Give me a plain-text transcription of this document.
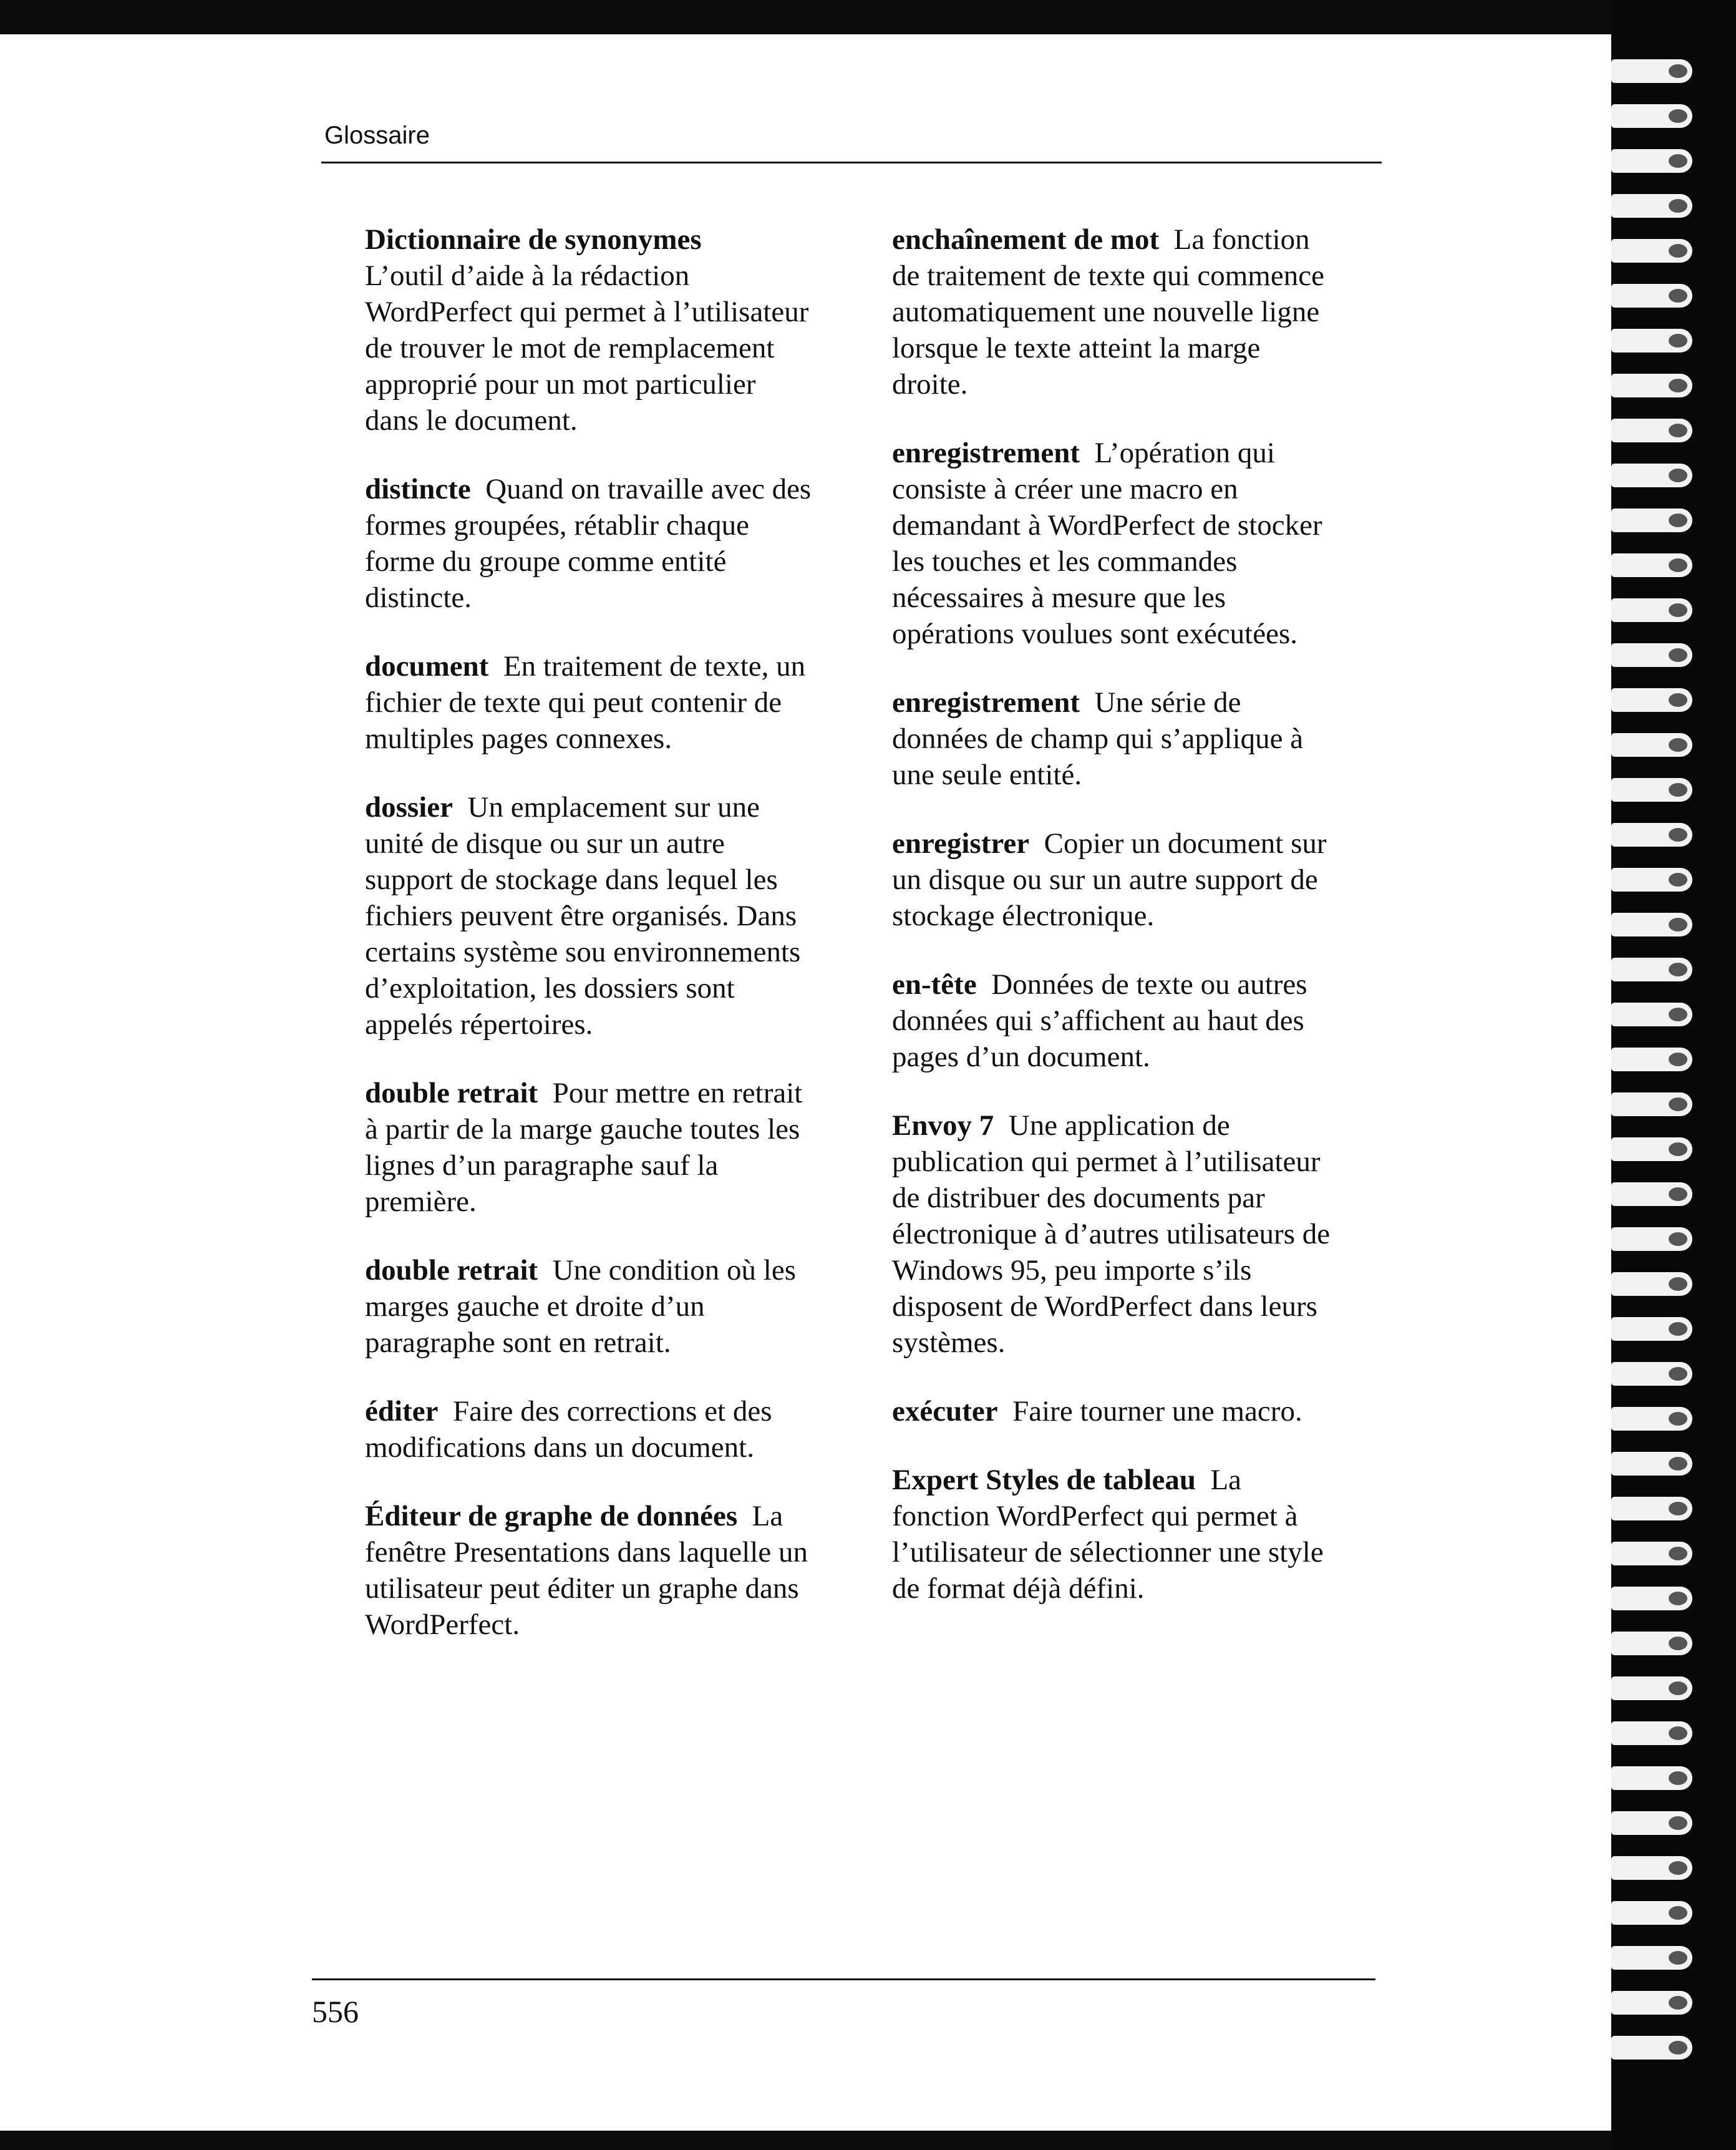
Glossaire

Dictionnaire de synonymes
L’outil d’aide à la rédaction WordPerfect qui permet à l’utilisateur de trouver le mot de remplacement approprié pour un mot particulier dans le document.

distincte Quand on travaille avec des formes groupées, rétablir chaque forme du groupe comme entité distincte.

document En traitement de texte, un fichier de texte qui peut contenir de multiples pages connexes.

dossier Un emplacement sur une unité de disque ou sur un autre support de stockage dans lequel les fichiers peuvent être organisés. Dans certains système sou environnements d’exploitation, les dossiers sont appelés répertoires.

double retrait Pour mettre en retrait à partir de la marge gauche toutes les lignes d’un paragraphe sauf la première.

double retrait Une condition où les marges gauche et droite d’un paragraphe sont en retrait.

éditer Faire des corrections et des modifications dans un document.

Éditeur de graphe de données La fenêtre Presentations dans laquelle un utilisateur peut éditer un graphe dans WordPerfect.

enchaînement de mot La fonction de traitement de texte qui commence automatiquement une nouvelle ligne lorsque le texte atteint la marge droite.

enregistrement L’opération qui consiste à créer une macro en demandant à WordPerfect de stocker les touches et les commandes nécessaires à mesure que les opérations voulues sont exécutées.

enregistrement Une série de données de champ qui s’applique à une seule entité.

enregistrer Copier un document sur un disque ou sur un autre support de stockage électronique.

en-tête Données de texte ou autres données qui s’affichent au haut des pages d’un document.

Envoy 7 Une application de publication qui permet à l’utilisateur de distribuer des documents par électronique à d’autres utilisateurs de Windows 95, peu importe s’ils disposent de WordPerfect dans leurs systèmes.

exécuter Faire tourner une macro.

Expert Styles de tableau La fonction WordPerfect qui permet à l’utilisateur de sélectionner une style de format déjà défini.

556
